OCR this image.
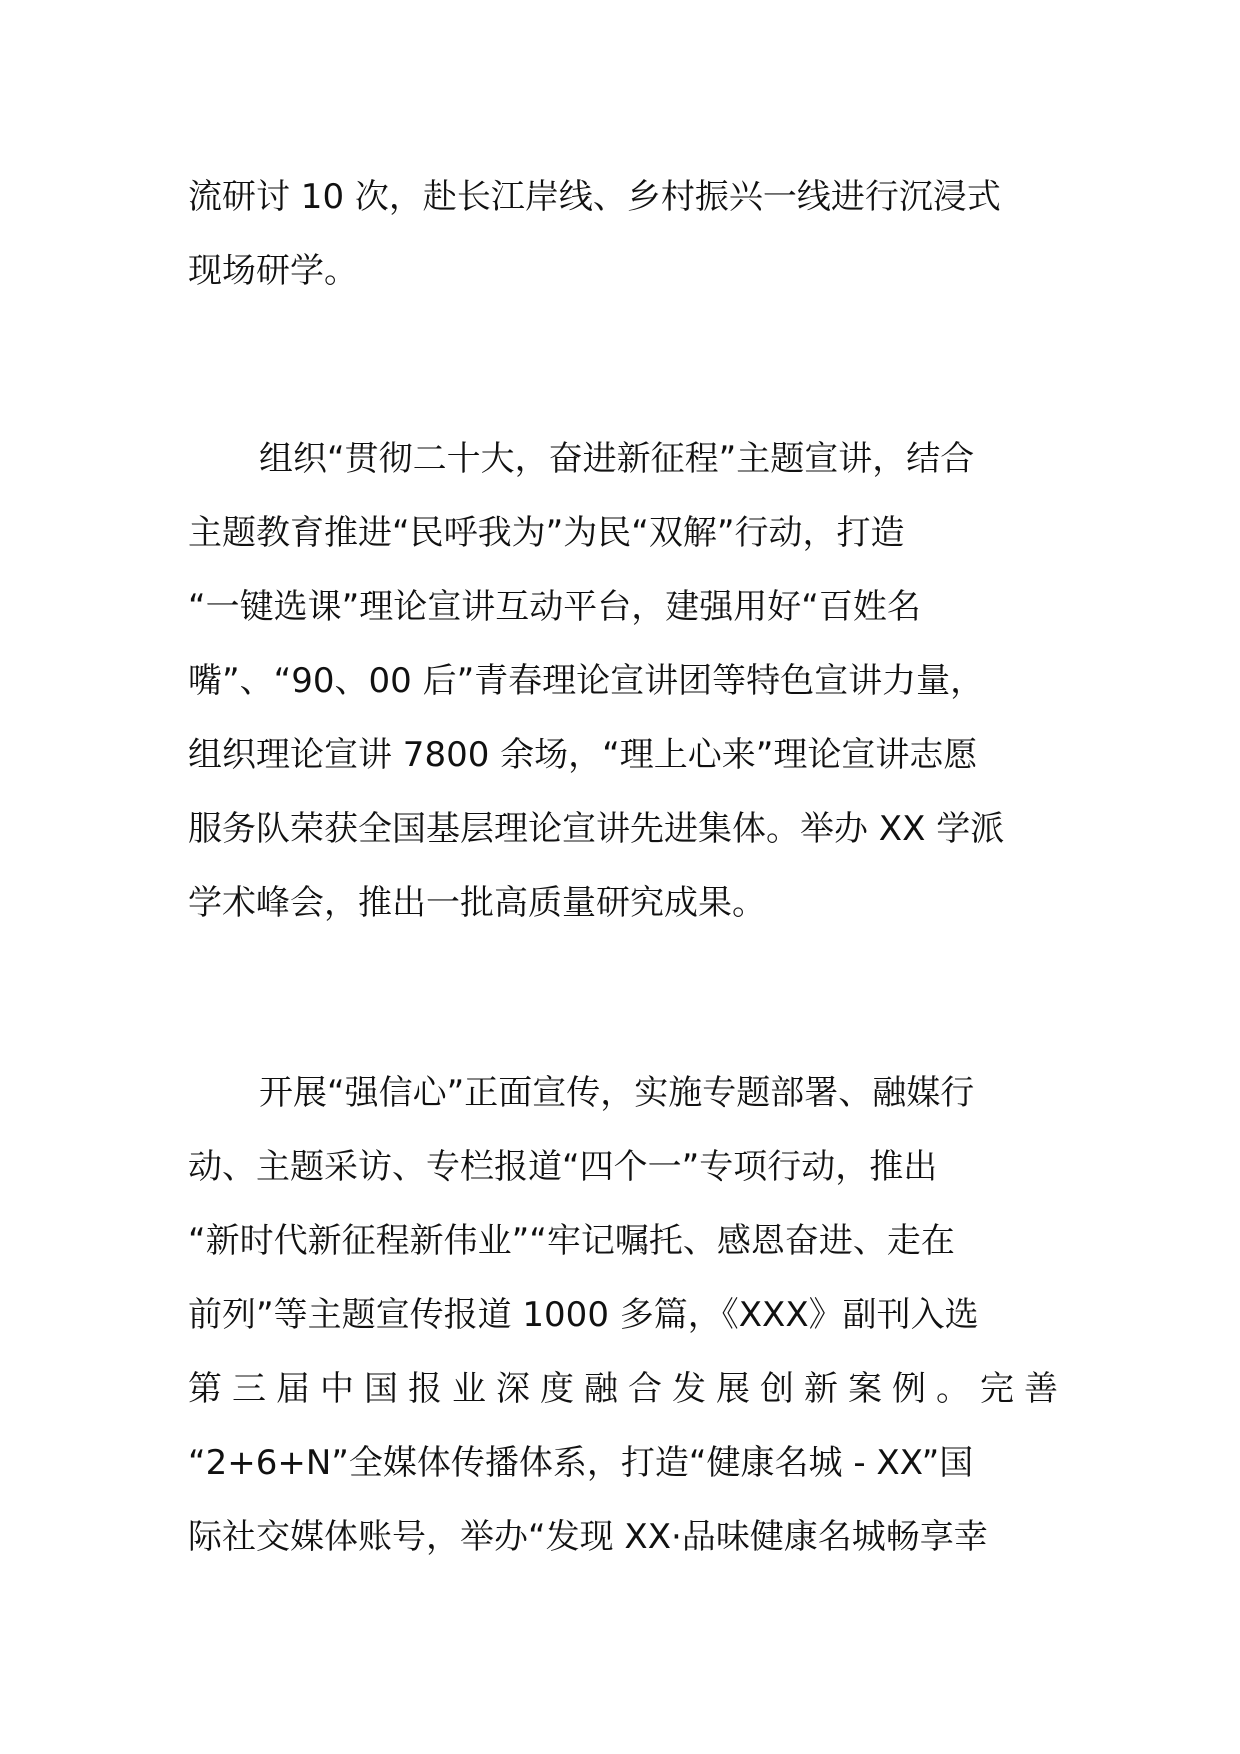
流研讨 10 次，赴长江岸线、乡村振兴一线进行沉浸式
现场研学。
组织“贯彻二十大，奋进新征程”主题宣讲，结合
主题教育推进“民呼我为”为民“双解”行动，打造
“一键选课”理论宣讲互动平台，建强用好“百姓名
嘴”、“90、00 后”青春理论宣讲团等特色宣讲力量，
组织理论宣讲 7800 余场，“理上心来”理论宣讲志愿
服务队荣获全国基层理论宣讲先进集体。举办 XX 学派
学术峰会，推出一批高质量研究成果。
开展“强信心”正面宣传，实施专题部署、融媒行
动、主题采访、专栏报道“四个一”专项行动，推出
“新时代新征程新伟业”“牢记嘱托、感恩奋进、走在
前列”等主题宣传报道 1000 多篇，《XXX》副刊入选
第三届中国报业深度融合发展创新案例。完善
“2+6+N”全媒体传播体系，打造“健康名城 - XX”国
际社交媒体账号，举办“发现 XX·品味健康名城畅享幸
